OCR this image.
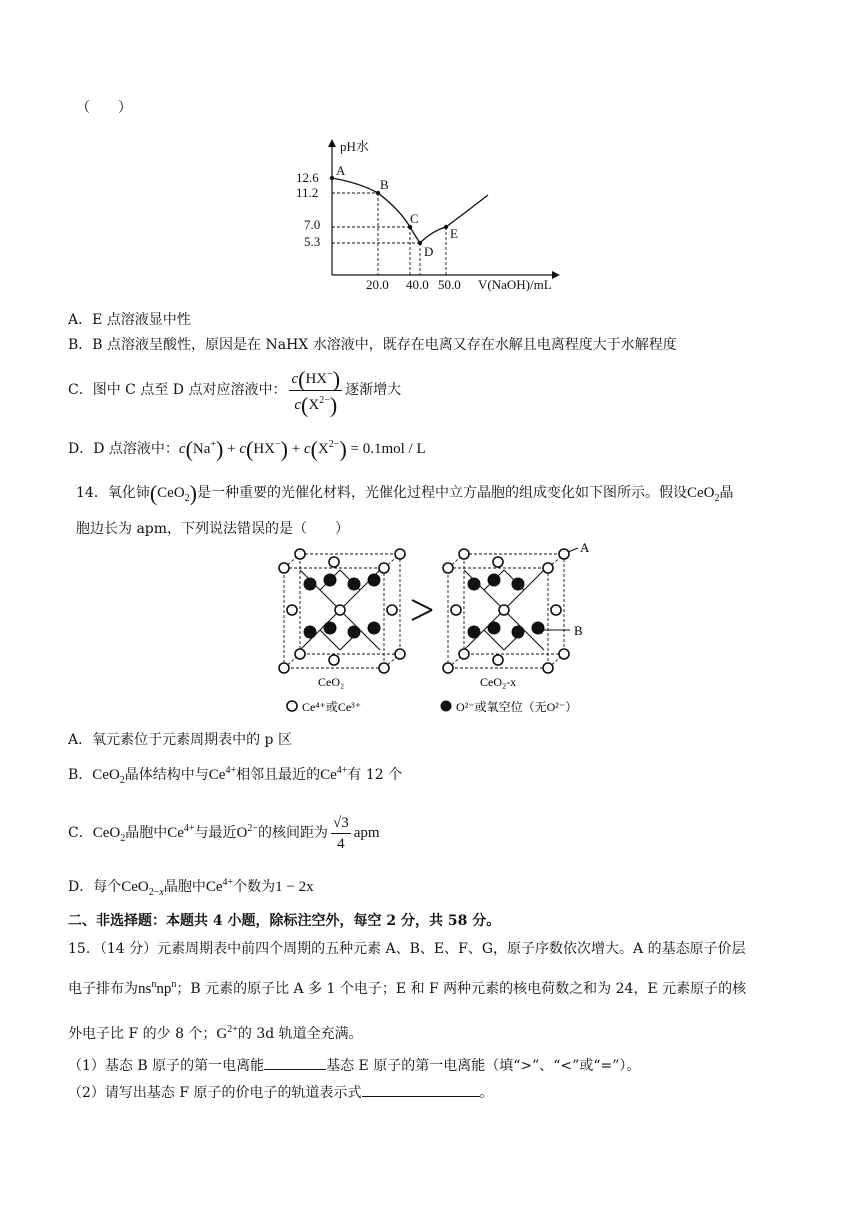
（　　）
pH水
V(NaOH)/mL
12.6
11.2
7.0
5.3
20.0 40.0 50.0
A
B
C
D
E
A．E 点溶液显中性
B．B 点溶液呈酸性，原因是在 NaHX 水溶液中，既存在电离又存在水解且电离程度大于水解程度
C．图中 C 点至 D 点对应溶液中： $\frac{c(HX^-)}{c(X^{2-})}$ 逐渐增大
D．D 点溶液中：$c(Na^+) + c(HX^-) + c(X^{2-}) = 0.1mol / L$
14．氧化铈(CeO$_2$)是一种重要的光催化材料，光催化过程中立方晶胞的组成变化如下图所示。假设CeO$_2$晶
胞边长为 apm，下列说法错误的是（　　）
A
B
CeO₂	CeO₂-x
Ce⁴⁺或Ce³⁺	O²⁻或氧空位（无O²⁻）
A．氧元素位于元素周期表中的 p 区
B．CeO$_2$晶体结构中与$Ce^{4+}$相邻且最近的$Ce^{4+}$有 12 个
C．CeO$_2$晶胞中$Ce^{4+}$与最近$O^{2-}$的核间距为 $\frac{√3}{4}$ apm
D．每个CeO$_{2-x}$晶胞中$Ce^{4+}$个数为1 − 2x
二、非选择题：本题共 4 小题，除标注空外，每空 2 分，共 58 分。
15．（14 分）元素周期表中前四个周期的五种元素 A、B、E、F、G，原子序数依次增大。A 的基态原子价层
电子排布为$ns^nnp^n$；B 元素的原子比 A 多 1 个电子；E 和 F 两种元素的核电荷数之和为 24，E 元素原子的核
外电子比 F 的少 8 个；$G^{2+}$的 3d 轨道全充满。
（1）基态 B 原子的第一电离能	基态 E 原子的第一电离能（填“>”、“<”或“=”）。
（2）请写出基态 F 原子的价电子的轨道表示式	。
